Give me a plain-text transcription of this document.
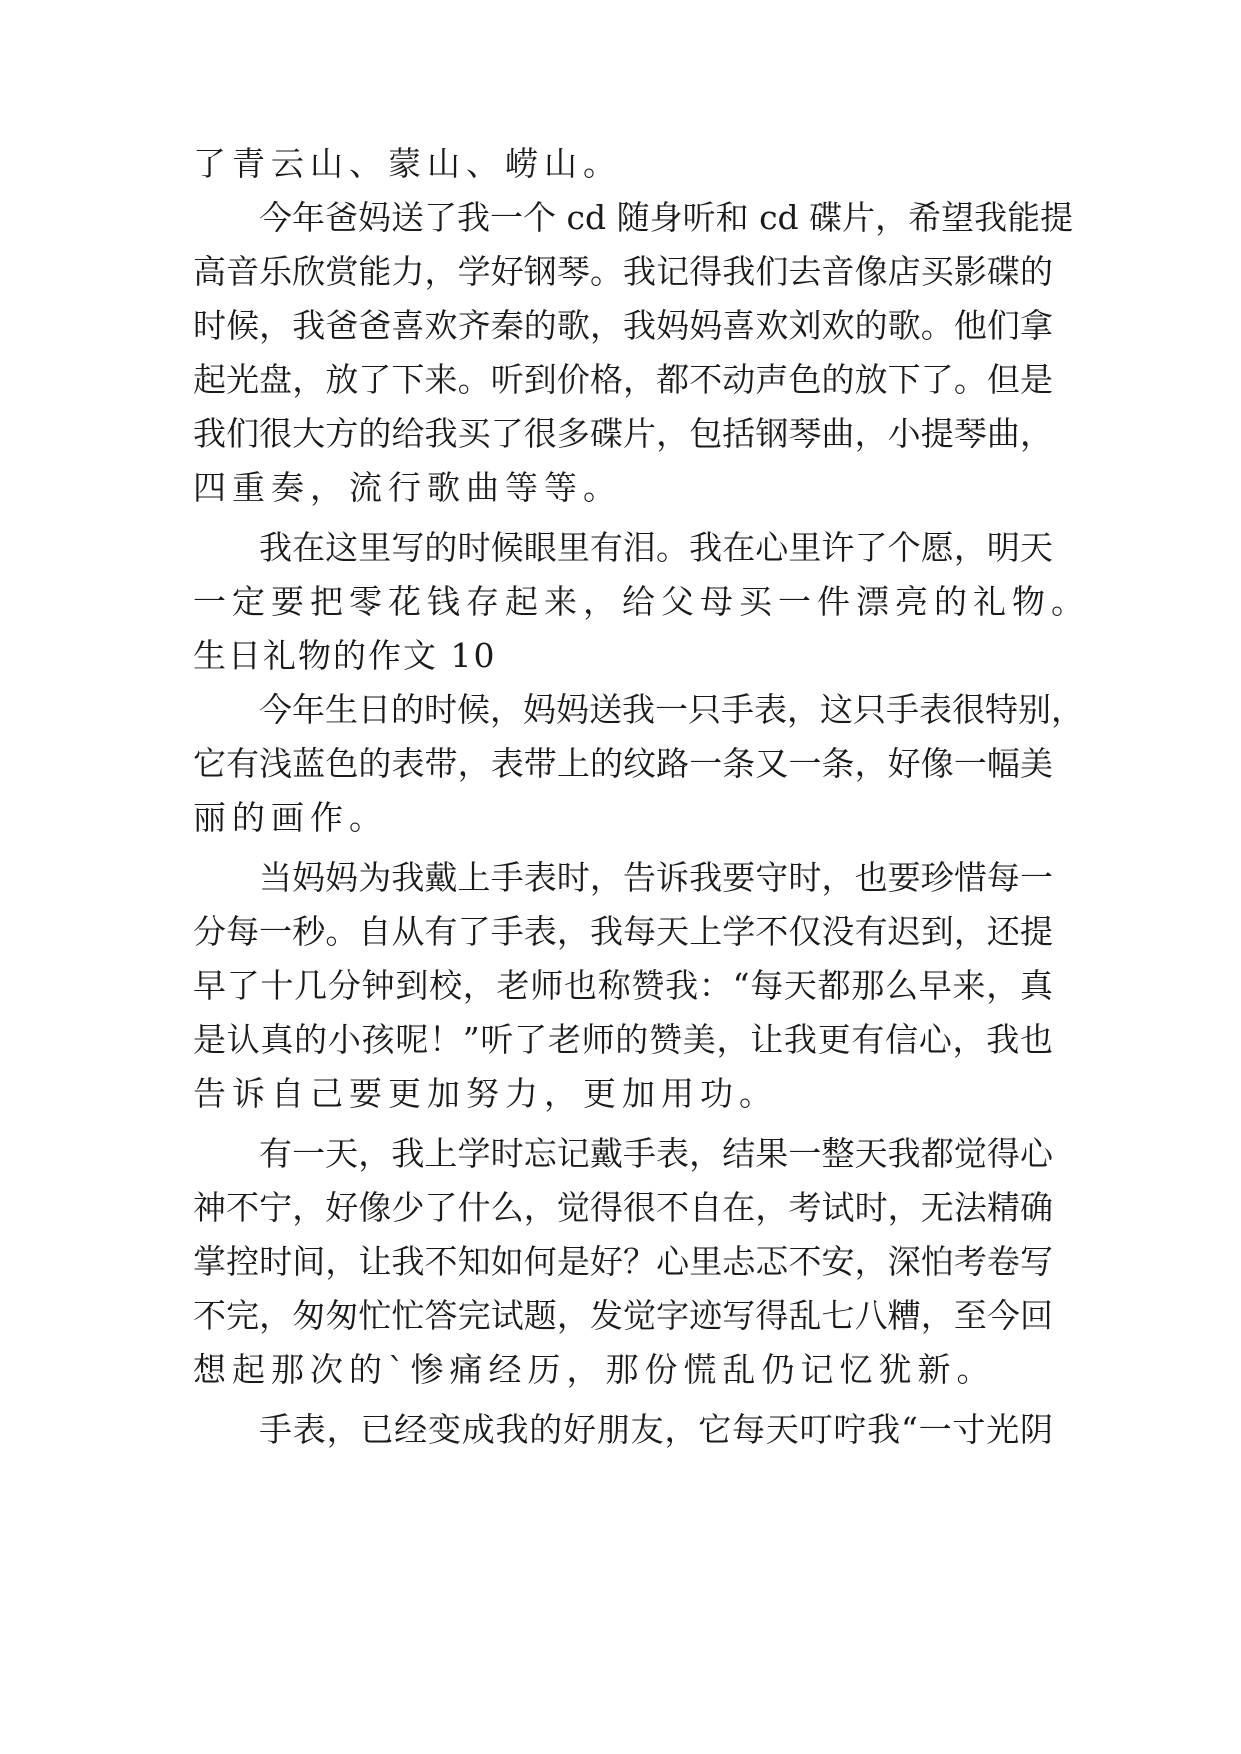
了青云山、蒙山、崂山。
今年爸妈送了我一个 cd 随身听和 cd 碟片，希望我能提
高音乐欣赏能力，学好钢琴。我记得我们去音像店买影碟的
时候，我爸爸喜欢齐秦的歌，我妈妈喜欢刘欢的歌。他们拿
起光盘，放了下来。听到价格，都不动声色的放下了。但是
我们很大方的给我买了很多碟片，包括钢琴曲，小提琴曲，
四重奏，流行歌曲等等。
我在这里写的时候眼里有泪。我在心里许了个愿，明天
一定要把零花钱存起来，给父母买一件漂亮的礼物。
生日礼物的作文 10
今年生日的时候，妈妈送我一只手表，这只手表很特别，
它有浅蓝色的表带，表带上的纹路一条又一条，好像一幅美
丽的画作。
当妈妈为我戴上手表时，告诉我要守时，也要珍惜每一
分每一秒。自从有了手表，我每天上学不仅没有迟到，还提
早了十几分钟到校，老师也称赞我：“每天都那么早来，真
是认真的小孩呢！”听了老师的赞美，让我更有信心，我也
告诉自己要更加努力，更加用功。
有一天，我上学时忘记戴手表，结果一整天我都觉得心
神不宁，好像少了什么，觉得很不自在，考试时，无法精确
掌控时间，让我不知如何是好？心里忐忑不安，深怕考卷写
不完，匆匆忙忙答完试题，发觉字迹写得乱七八糟，至今回
想起那次的`惨痛经历，那份慌乱仍记忆犹新。
手表，已经变成我的好朋友，它每天叮咛我“一寸光阴
